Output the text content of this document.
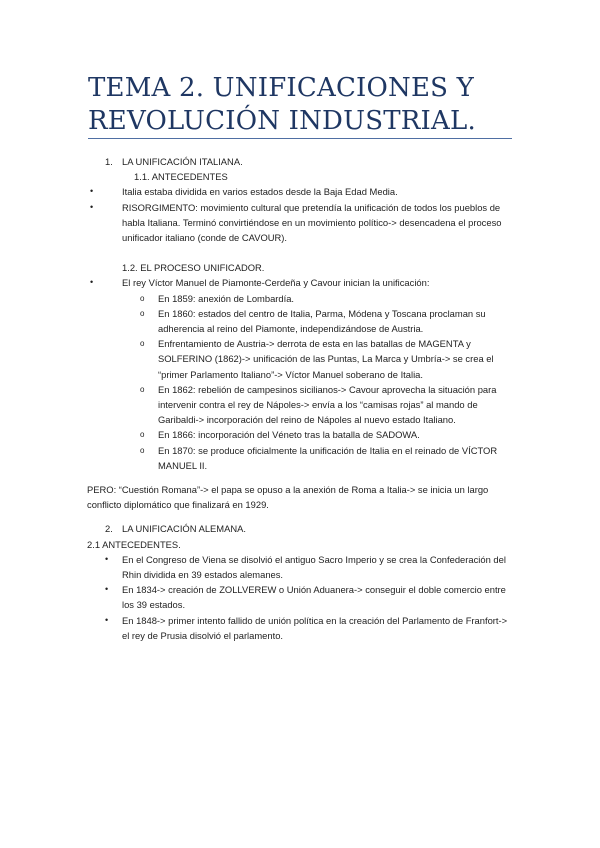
TEMA 2. UNIFICACIONES Y REVOLUCIÓN INDUSTRIAL.
1. LA UNIFICACIÓN ITALIANA.
1.1. ANTECEDENTES
•	Italia estaba dividida en varios estados desde la Baja Edad Media.
•	RISORGIMENTO: movimiento cultural que pretendía la unificación de todos los pueblos de habla Italiana. Terminó convirtiéndose en un movimiento político-> desencadena el proceso unificador italiano (conde de CAVOUR).
1.2. EL PROCESO UNIFICADOR.
•	El rey Víctor Manuel de Piamonte-Cerdeña y Cavour inician la unificación:
o En 1859: anexión de Lombardía.
o En 1860: estados del centro de Italia, Parma, Módena y Toscana proclaman su adherencia al reino del Piamonte, independizándose de Austria.
o Enfrentamiento de Austria-> derrota de esta en las batallas de MAGENTA y SOLFERINO (1862)-> unificación de las Puntas, La Marca y Umbría-> se crea el “primer Parlamento Italiano”-> Víctor Manuel soberano de Italia.
o En 1862: rebelión de campesinos sicilianos-> Cavour aprovecha la situación para intervenir contra el rey de Nápoles-> envía a los “camisas rojas” al mando de Garibaldi-> incorporación del reino de Nápoles al nuevo estado Italiano.
o En 1866: incorporación del Véneto tras la batalla de SADOWA.
o En 1870: se produce oficialmente la unificación de Italia en el reinado de VÍCTOR MANUEL II.
PERO: “Cuestión Romana”-> el papa se opuso a la anexión de Roma a Italia-> se inicia un largo conflicto diplomático que finalizará en 1929.
2. LA UNIFICACIÓN ALEMANA.
2.1 ANTECEDENTES.
• En el Congreso de Viena se disolvió el antiguo Sacro Imperio y se crea la Confederación del Rhin dividida en 39 estados alemanes.
• En 1834-> creación de ZOLLVEREW o Unión Aduanera-> conseguir el doble comercio entre los 39 estados.
• En 1848-> primer intento fallido de unión política en la creación del Parlamento de Franfort-> el rey de Prusia disolvió el parlamento.
